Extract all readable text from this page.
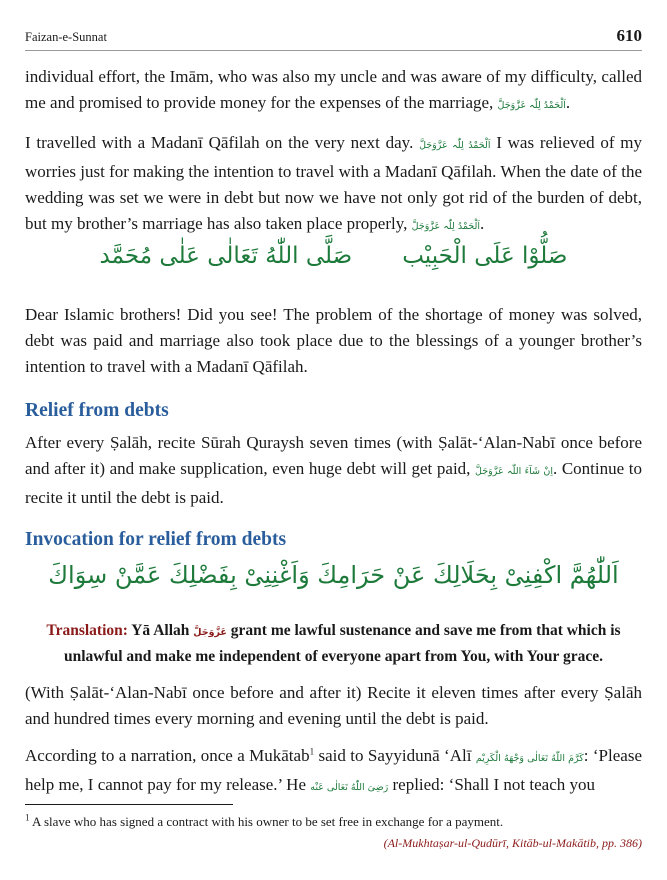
Faizan-e-Sunnat	610

individual effort, the Imām, who was also my uncle and was aware of my difficulty, called me and promised to provide money for the expenses of the marriage, اَلْحَمْدُ لِلّٰہ عَزَّوَجَلَّ.

I travelled with a Madanī Qāfilah on the very next day. اَلْحَمْدُ لِلّٰہ عَزَّوَجَلَّ I was relieved of my worries just for making the intention to travel with a Madanī Qāfilah. When the date of the wedding was set we were in debt but now we have not only got rid of the burden of debt, but my brother’s marriage has also taken place properly, اَلْحَمْدُ لِلّٰہ عَزَّوَجَلَّ.

صَلَّى اللّٰهُ تَعَالٰى عَلٰى مُحَمَّد صَلُّوْا عَلَى الْحَبِيْب

Dear Islamic brothers! Did you see! The problem of the shortage of money was solved, debt was paid and marriage also took place due to the blessings of a younger brother’s intention to travel with a Madanī Qāfilah.

Relief from debts

After every Ṣalāh, recite Sūrah Quraysh seven times (with Ṣalāt-‘Alan-Nabī once before and after it) and make supplication, even huge debt will get paid, اِنْ شَآءَ اللّٰہ عَزَّوَجَلَّ. Continue to recite it until the debt is paid.

Invocation for relief from debts
اَللّٰهُمَّ اكْفِنِىْ بِحَلَالِكَ عَنْ حَرَامِكَ وَاَغْنِنِىْ بِفَضْلِكَ عَمَّنْ سِوَاكَ

Translation: Yā Allah عَزَّوَجَلَّ grant me lawful sustenance and save me from that which is unlawful and make me independent of everyone apart from You, with Your grace.

(With Ṣalāt-‘Alan-Nabī once before and after it) Recite it eleven times after every Ṣalāh and hundred times every morning and evening until the debt is paid.

According to a narration, once a Mukātab$^1$ said to Sayyidunā ‘Alī كَرَّمَ اللّٰهُ تَعَالٰى وَجْهَهُ الْكَرِيْم: ‘Please help me, I cannot pay for my release.’ He رَضِىَ اللّٰهُ تَعَالٰى عَنْه replied: ‘Shall I not teach you

$^1$ A slave who has signed a contract with his owner to be set free in exchange for a payment.

(Al-Mukhtaṣar-ul-Qudūrī, Kitāb-ul-Makātib, pp. 386)
